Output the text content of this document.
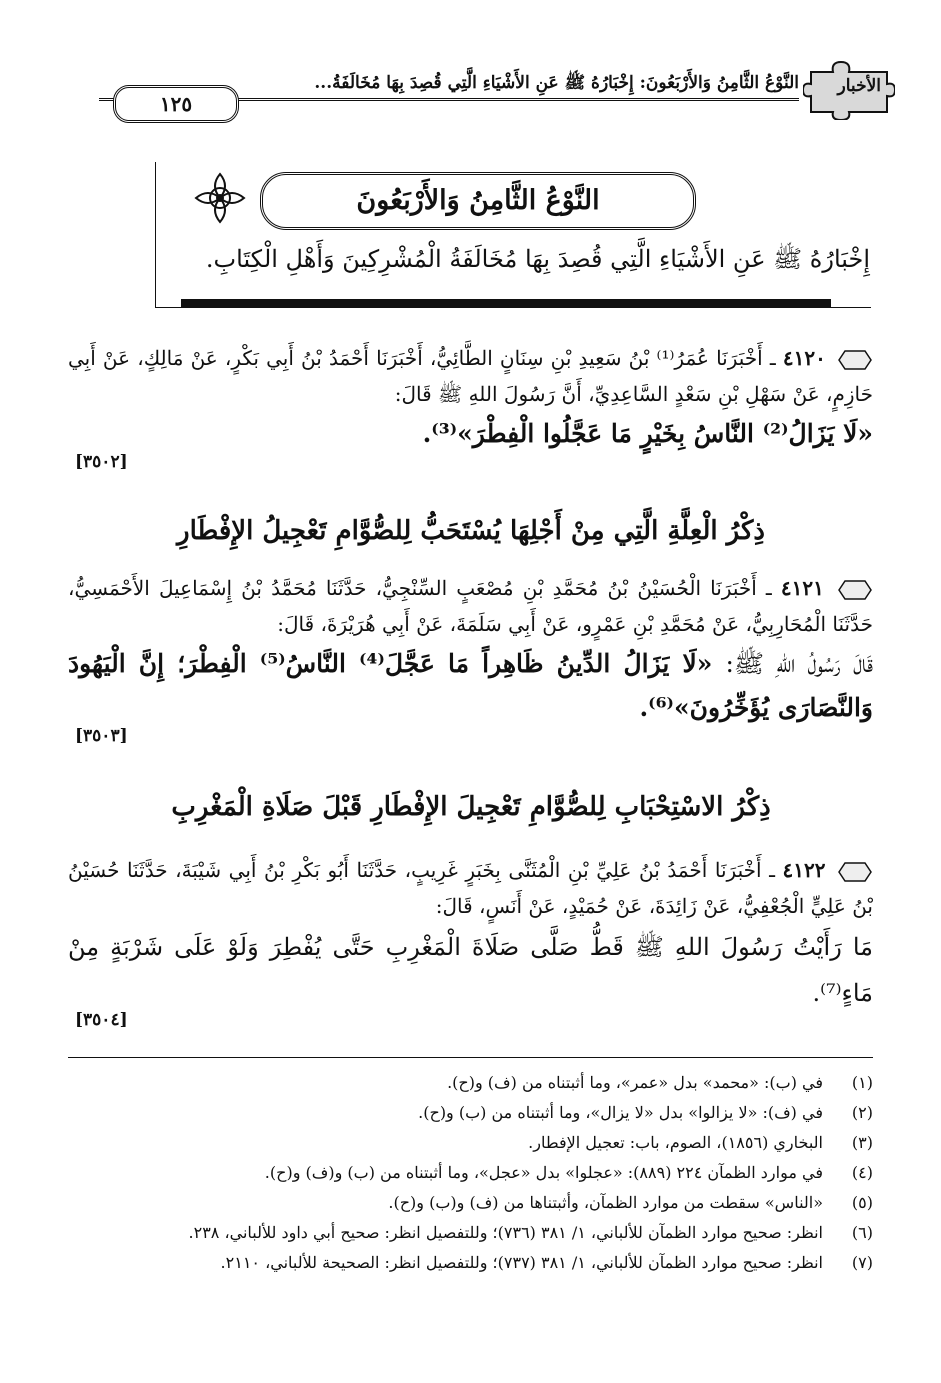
١٢٥
النَّوْعُ الثَّامِنُ وَالأَرْبَعُونَ: إِخْبَارُهُ ﷺ عَنِ الأَشْيَاءِ الَّتِي قُصِدَ بِهَا مُخَالَفَةُ... الأخبار
النَّوْعُ الثَّامِنُ وَالأَرْبَعُونَ
إِخْبَارُهُ ﷺ عَنِ الأَشْيَاءِ الَّتِي قُصِدَ بِهَا مُخَالَفَةُ الْمُشْرِكِينَ وَأَهْلِ الْكِتَابِ.
٤١٢٠ ـ أَخْبَرَنَا عُمَرُ⁽¹⁾ بْنُ سَعِيدِ بْنِ سِنَانٍ الطَّائِيُّ، أَخْبَرَنَا أَحْمَدُ بْنُ أَبِي بَكْرٍ، عَنْ مَالِكٍ، عَنْ أَبِي حَازِمٍ، عَنْ سَهْلِ بْنِ سَعْدٍ السَّاعِدِيِّ، أَنَّ رَسُولَ اللهِ ﷺ قَالَ:
«لَا يَزَالُ⁽²⁾ النَّاسُ بِخَيْرٍ مَا عَجَّلُوا الْفِطْرَ»⁽³⁾.
[٣٥٠٢]
ذِكْرُ الْعِلَّةِ الَّتِي مِنْ أَجْلِهَا يُسْتَحَبُّ لِلصُّوَّامِ تَعْجِيلُ الإِفْطَارِ
٤١٢١ ـ أَخْبَرَنَا الْحُسَيْنُ بْنُ مُحَمَّدِ بْنِ مُصْعَبٍ السِّنْجِيُّ، حَدَّثَنَا مُحَمَّدُ بْنُ إِسْمَاعِيلَ الأَحْمَسِيُّ، حَدَّثَنَا الْمُحَارِبِيُّ، عَنْ مُحَمَّدِ بْنِ عَمْرٍو، عَنْ أَبِي سَلَمَةَ، عَنْ أَبِي هُرَيْرَةَ، قَالَ:
قَالَ رَسُولُ اللهِ ﷺ: «لَا يَزَالُ الدِّينُ ظَاهِراً مَا عَجَّلَ⁽⁴⁾ النَّاسُ⁽⁵⁾ الْفِطْرَ؛ إِنَّ الْيَهُودَ وَالنَّصَارَى يُؤَخِّرُونَ»⁽⁶⁾.
[٣٥٠٣]
ذِكْرُ الاسْتِحْبَابِ لِلصُّوَّامِ تَعْجِيلَ الإِفْطَارِ قَبْلَ صَلَاةِ الْمَغْرِبِ
٤١٢٢ ـ أَخْبَرَنَا أَحْمَدُ بْنُ عَلِيِّ بْنِ الْمُثَنَّى بِخَبَرٍ غَرِيبٍ، حَدَّثَنَا أَبُو بَكْرِ بْنُ أَبِي شَيْبَةَ، حَدَّثَنَا حُسَيْنُ بْنُ عَلِيٍّ الْجُعْفِيُّ، عَنْ زَائِدَةَ، عَنْ حُمَيْدٍ، عَنْ أَنَسٍ، قَالَ:
مَا رَأَيْتُ رَسُولَ اللهِ ﷺ قَطُّ صَلَّى صَلَاةَ الْمَغْرِبِ حَتَّى يُفْطِرَ وَلَوْ عَلَى شَرْبَةٍ مِنْ مَاءٍ⁽⁷⁾.
[٣٥٠٤]
(١)
في (ب): «محمد» بدل «عمر»، وما أثبتناه من (ف) و(ح).
(٢)
في (ف): «لا يزالوا» بدل «لا يزال»، وما أثبتناه من (ب) و(ح).
(٣)
البخاري (١٨٥٦)، الصوم، باب: تعجيل الإفطار.
(٤)
في موارد الظمآن ٢٢٤ (٨٨٩): «عجلوا» بدل «عجل»، وما أثبتناه من (ب) و(ف) و(ح).
(٥)
«الناس» سقطت من موارد الظمآن، وأثبتناها من (ف) و(ب) و(ح).
(٦)
انظر: صحيح موارد الظمآن للألباني، ١/ ٣٨١ (٧٣٦)؛ وللتفصيل انظر: صحيح أبي داود للألباني، ٢٣٨.
(٧)
انظر: صحيح موارد الظمآن للألباني، ١/ ٣٨١ (٧٣٧)؛ وللتفصيل انظر: الصحيحة للألباني، ٢١١٠.
